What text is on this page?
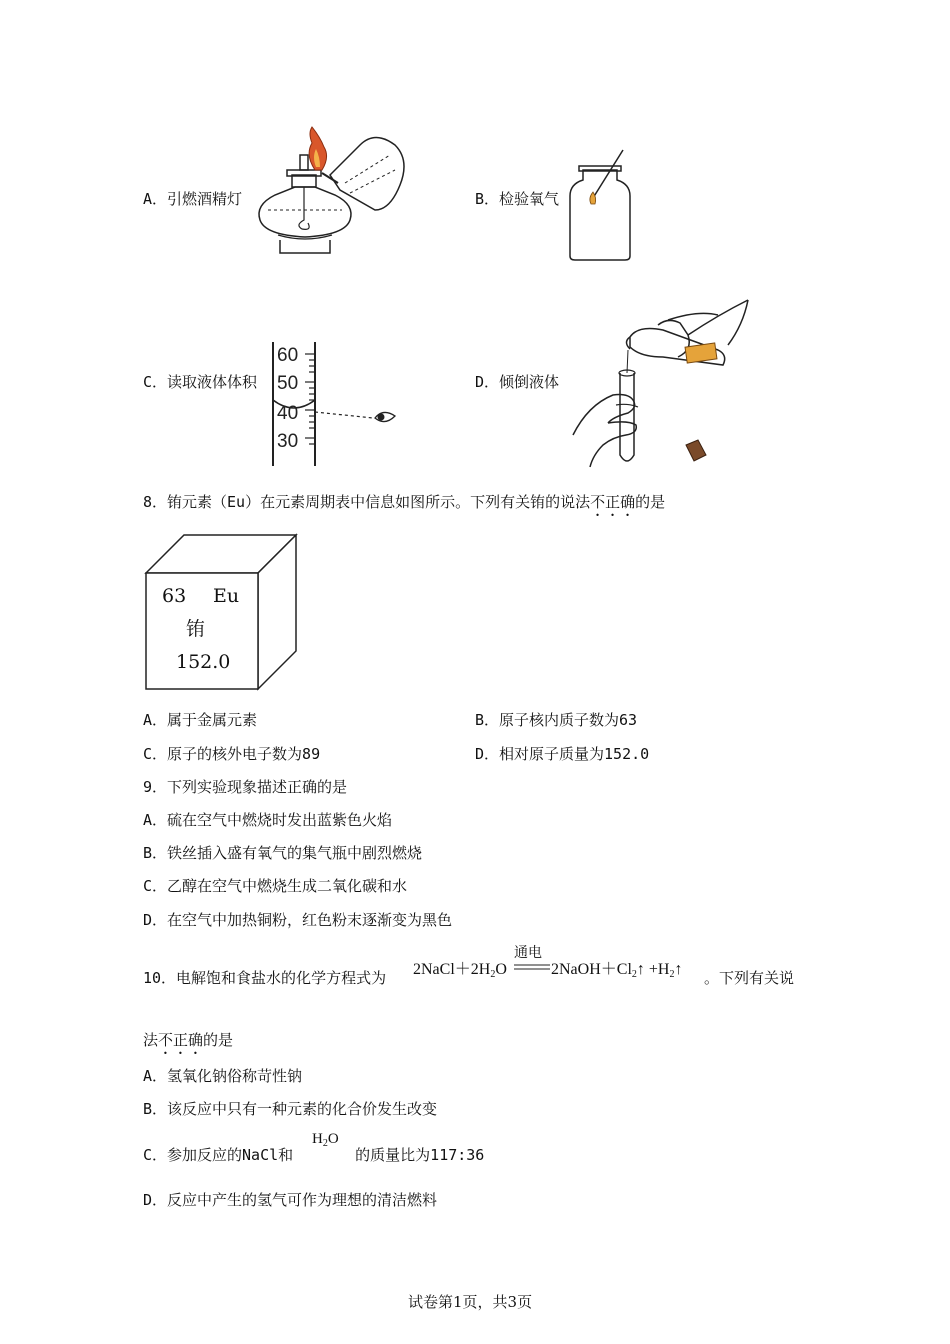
A．引燃酒精灯	B．检验氧气
C．读取液体体积
60
50
40
30
D．倾倒液体
8．铕元素（Eu）在元素周期表中信息如图所示。下列有关铕的说法不正确的是
63 Eu
铕
152.0
A．属于金属元素	B．原子核内质子数为63
C．原子的核外电子数为89	D．相对原子质量为152.0
9．下列实验现象描述正确的是
A．硫在空气中燃烧时发出蓝紫色火焰
B．铁丝插入盛有氧气的集气瓶中剧烈燃烧
C．乙醇在空气中燃烧生成二氧化碳和水
D．在空气中加热铜粉，红色粉末逐渐变为黑色
10．电解饱和食盐水的化学方程式为 $2NaCl+2H_2O$
通电
$2NaOH+Cl_2↑$ $+H_2↑$ 。下列有关说
法不正确的是
A．氢氧化钠俗称苛性钠
B．该反应中只有一种元素的化合价发生改变
C．参加反应的NaCl和	的质量比为117:36
$H_2O$
D．反应中产生的氢气可作为理想的清洁燃料
试卷第1页，共3页
